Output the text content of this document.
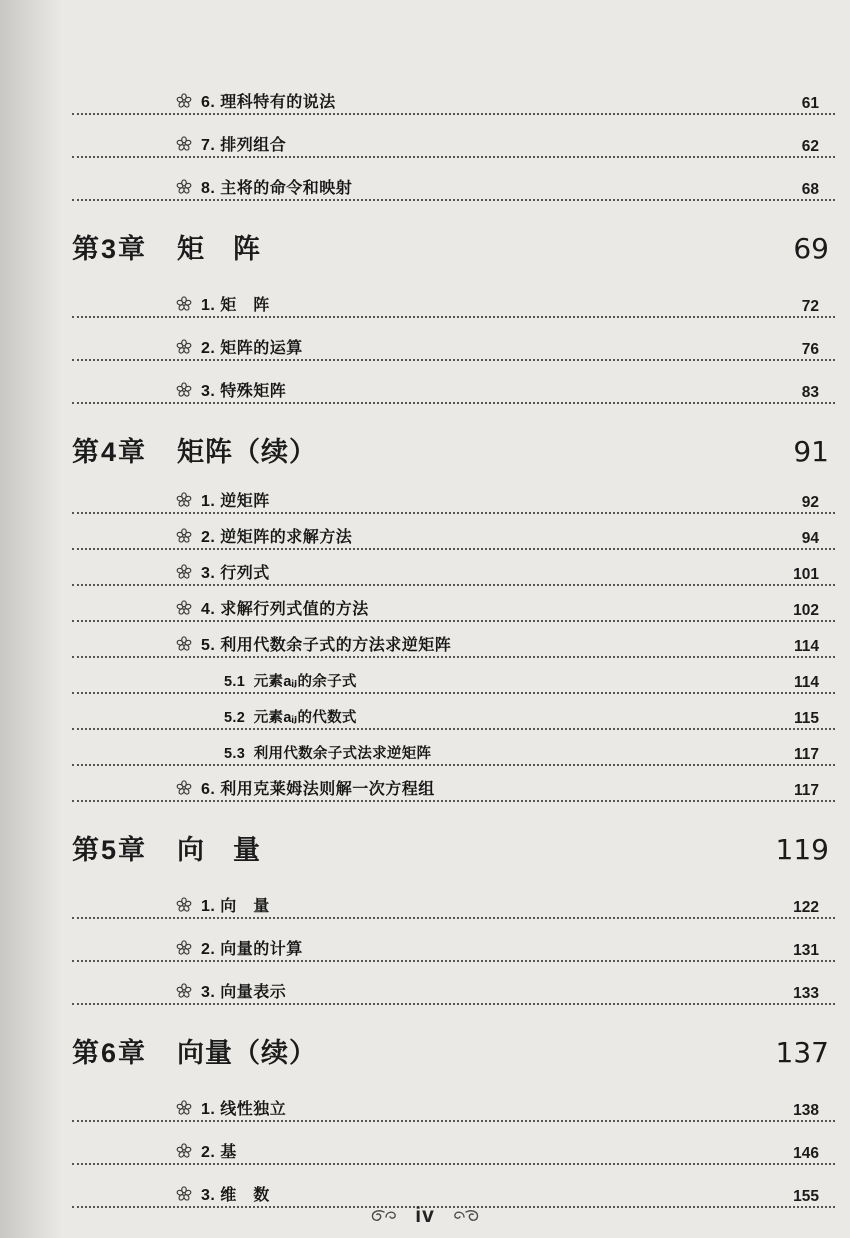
6. 理科特有的说法	61
7. 排列组合	62
8. 主将的命令和映射	68
第3章 矩　阵	69
1. 矩　阵	72
2. 矩阵的运算	76
3. 特殊矩阵	83
第4章 矩阵（续）	91
1. 逆矩阵	92
2. 逆矩阵的求解方法	94
3. 行列式	101
4. 求解行列式值的方法	102
5. 利用代数余子式的方法求逆矩阵	114
5.1  元素aᵢⱼ的余子式	114
5.2  元素aᵢⱼ的代数式	115
5.3  利用代数余子式法求逆矩阵	117
6. 利用克莱姆法则解一次方程组	117
第5章 向　量	119
1. 向　量	122
2. 向量的计算	131
3. 向量表示	133
第6章 向量（续）	137
1. 线性独立	138
2. 基	146
3. 维　数	155
iv
